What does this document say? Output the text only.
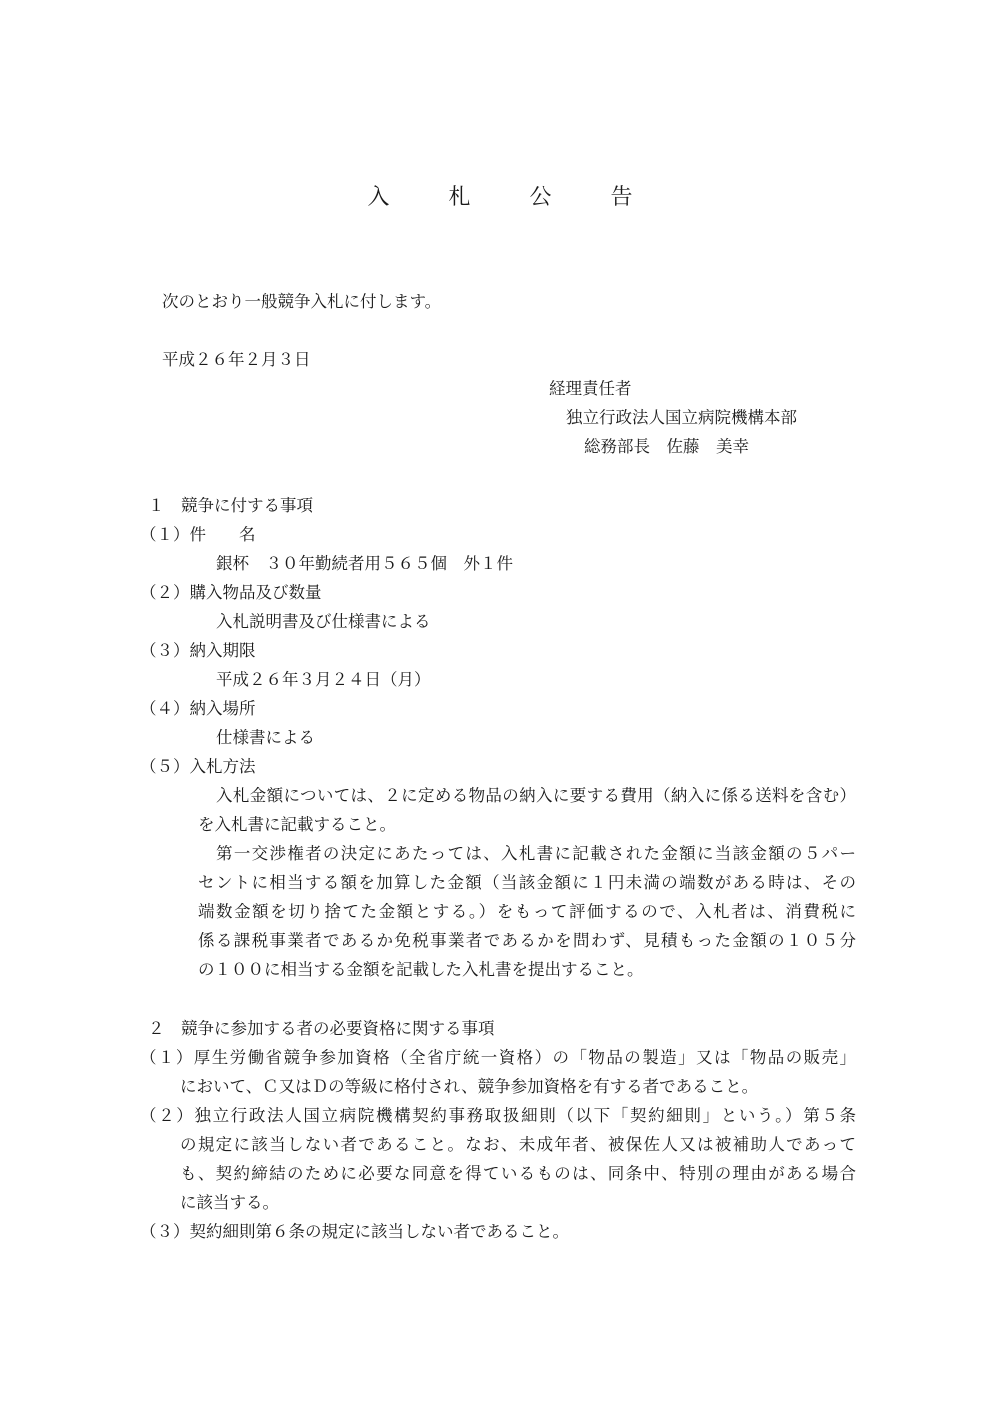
入 札 公 告
次のとおり一般競争入札に付します。
平成２６年２月３日
経理責任者
独立行政法人国立病院機構本部
総務部長　佐藤　美幸
１　競争に付する事項
（１）件　　名
銀杯　３０年勤続者用５６５個　外１件
（２）購入物品及び数量
入札説明書及び仕様書による
（３）納入期限
平成２６年３月２４日（月）
（４）納入場所
仕様書による
（５）入札方法
入札金額については、２に定める物品の納入に要する費用（納入に係る送料を含む）
を入札書に記載すること。
第一交渉権者の決定にあたっては、入札書に記載された金額に当該金額の５パー
セントに相当する額を加算した金額（当該金額に１円未満の端数がある時は、その
端数金額を切り捨てた金額とする。）をもって評価するので、入札者は、消費税に
係る課税事業者であるか免税事業者であるかを問わず、見積もった金額の１０５分
の１００に相当する金額を記載した入札書を提出すること。
２　競争に参加する者の必要資格に関する事項
（１）厚生労働省競争参加資格（全省庁統一資格）の「物品の製造」又は「物品の販売」
において、Ｃ又はＤの等級に格付され、競争参加資格を有する者であること。
（２）独立行政法人国立病院機構契約事務取扱細則（以下「契約細則」という。）第５条
の規定に該当しない者であること。なお、未成年者、被保佐人又は被補助人であって
も、契約締結のために必要な同意を得ているものは、同条中、特別の理由がある場合
に該当する。
（３）契約細則第６条の規定に該当しない者であること。
